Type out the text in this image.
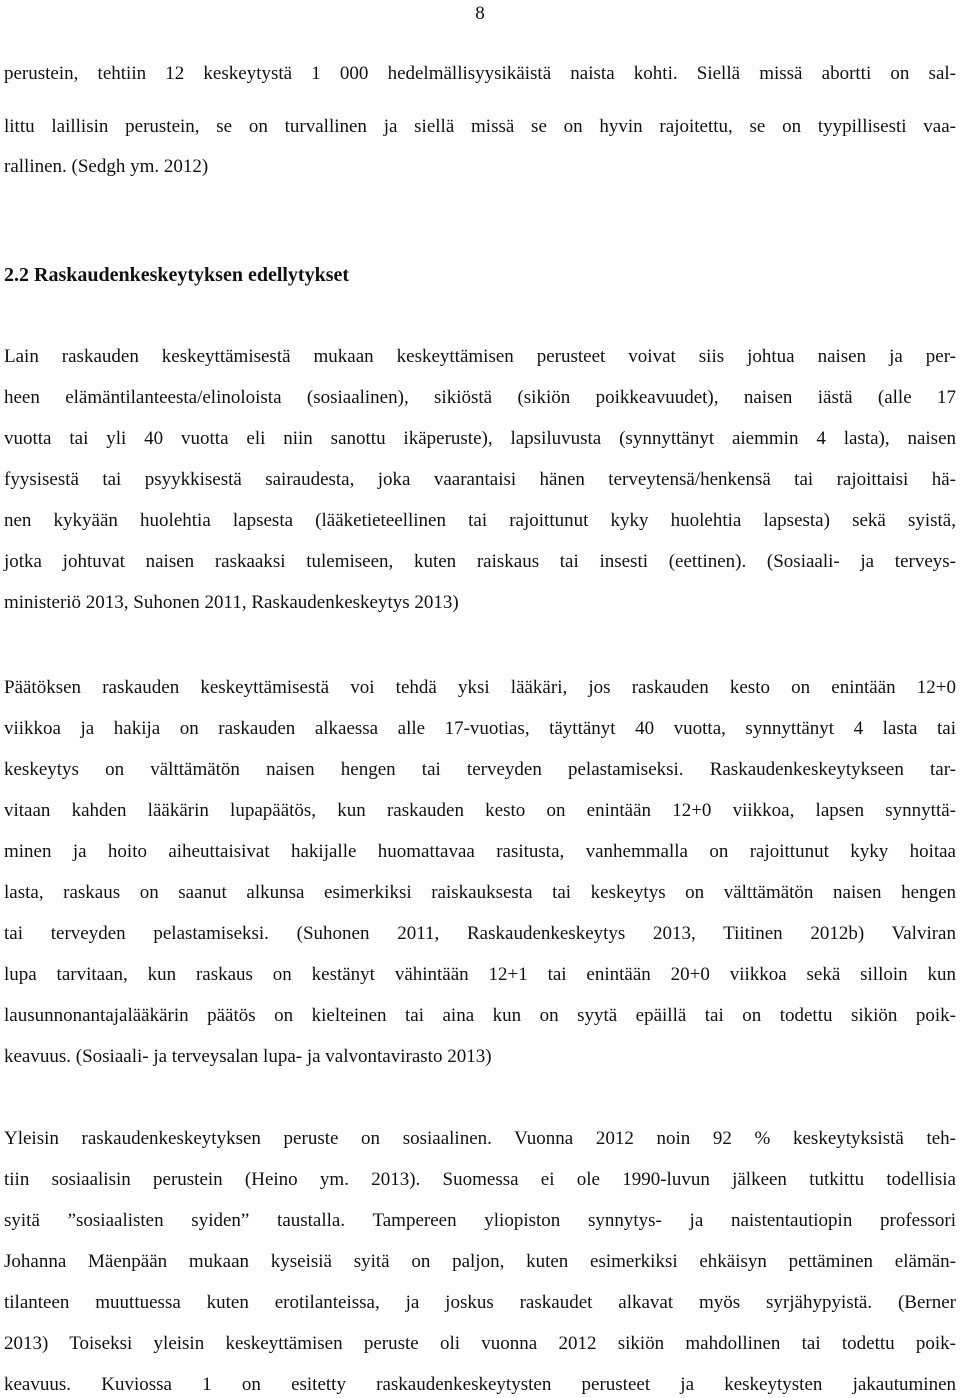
8
perustein, tehtiin 12 keskeytystä 1 000 hedelmällisyysikäistä naista kohti. Siellä missä abortti on sal-
littu laillisin perustein, se on turvallinen ja siellä missä se on hyvin rajoitettu, se on tyypillisesti vaa-
rallinen. (Sedgh ym. 2012)
2.2 Raskaudenkeskeytyksen edellytykset
Lain raskauden keskeyttämisestä mukaan keskeyttämisen perusteet voivat siis johtua naisen ja per-
heen elämäntilanteesta/elinoloista (sosiaalinen), sikiöstä (sikiön poikkeavuudet), naisen iästä (alle 17
vuotta tai yli 40 vuotta eli niin sanottu ikäperuste), lapsiluvusta (synnyttänyt aiemmin 4 lasta), naisen
fyysisestä tai psyykkisestä sairaudesta, joka vaarantaisi hänen terveytensä/henkensä tai rajoittaisi hä-
nen kykyään huolehtia lapsesta (lääketieteellinen tai rajoittunut kyky huolehtia lapsesta) sekä syistä,
jotka johtuvat naisen raskaaksi tulemiseen, kuten raiskaus tai insesti (eettinen). (Sosiaali- ja terveys-
ministeriö 2013, Suhonen 2011, Raskaudenkeskeytys 2013)
Päätöksen raskauden keskeyttämisestä voi tehdä yksi lääkäri, jos raskauden kesto on enintään 12+0
viikkoa ja hakija on raskauden alkaessa alle 17-vuotias, täyttänyt 40 vuotta, synnyttänyt 4 lasta tai
keskeytys on välttämätön naisen hengen tai terveyden pelastamiseksi. Raskaudenkeskeytykseen tar-
vitaan kahden lääkärin lupapäätös, kun raskauden kesto on enintään 12+0 viikkoa, lapsen synnyttä-
minen ja hoito aiheuttaisivat hakijalle huomattavaa rasitusta, vanhemmalla on rajoittunut kyky hoitaa
lasta, raskaus on saanut alkunsa esimerkiksi raiskauksesta tai keskeytys on välttämätön naisen hengen
tai terveyden pelastamiseksi. (Suhonen 2011, Raskaudenkeskeytys 2013, Tiitinen 2012b) Valviran
lupa tarvitaan, kun raskaus on kestänyt vähintään 12+1 tai enintään 20+0 viikkoa sekä silloin kun
lausunnonantajalääkärin päätös on kielteinen tai aina kun on syytä epäillä tai on todettu sikiön poik-
keavuus. (Sosiaali- ja terveysalan lupa- ja valvontavirasto 2013)
Yleisin raskaudenkeskeytyksen peruste on sosiaalinen. Vuonna 2012 noin 92 % keskeytyksistä teh-
tiin sosiaalisin perustein (Heino ym. 2013). Suomessa ei ole 1990-luvun jälkeen tutkittu todellisia
syitä ”sosiaalisten syiden” taustalla. Tampereen yliopiston synnytys- ja naistentautiopin professori
Johanna Mäenpään mukaan kyseisiä syitä on paljon, kuten esimerkiksi ehkäisyn pettäminen elämän-
tilanteen muuttuessa kuten erotilanteissa, ja joskus raskaudet alkavat myös syrjähypyistä. (Berner
2013) Toiseksi yleisin keskeyttämisen peruste oli vuonna 2012 sikiön mahdollinen tai todettu poik-
keavuus. Kuviossa 1 on esitetty raskaudenkeskeytysten perusteet ja keskeytysten jakautuminen
